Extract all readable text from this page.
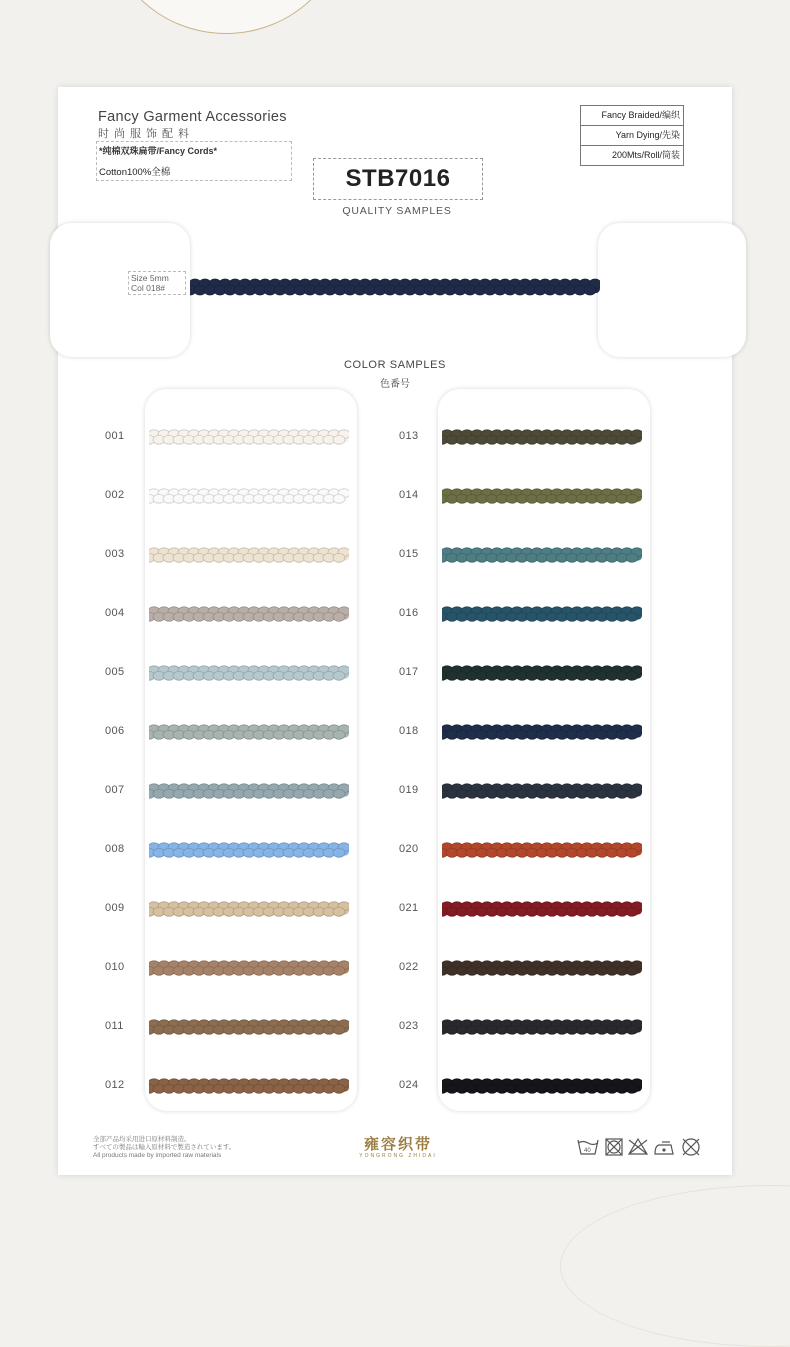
Fancy Garment Accessories
时尚服饰配料
*纯棉双珠扁带/Fancy Cords*
Cotton100%全棉
Fancy Braided/编织
Yarn Dying/先染
200Mts/Roll/筒装
STB7016
QUALITY SAMPLES
Size 5mm
Col 018#
COLOR SAMPLES
色番号
001
002
003
004
005
006
007
008
009
010
011
012
013
014
015
016
017
018
019
020
021
022
023
024
全部产品均采用进口原材料制造。
すべての製品は輸入原材料で製造されています。
All products made by imported raw materials
雍容织带
YONGRONG ZHIDAI
40
